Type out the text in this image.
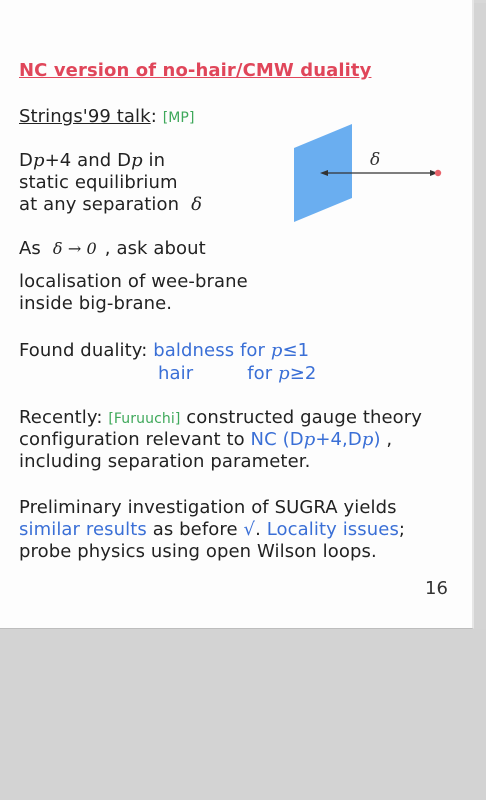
NC version of no-hair/CMW duality
Strings'99 talk: [MP]
Dp+4 and Dp in
static equilibrium
at any separation δ
As δ → 0 , ask about
localisation of wee-brane
inside big-brane.
Found duality: baldness for p≤1
hair	for p≥2
Recently: [Furuuchi] constructed gauge theory
configuration relevant to NC (Dp+4,Dp) ,
including separation parameter.
Preliminary investigation of SUGRA yields
similar results as before √. Locality issues;
probe physics using open Wilson loops.
δ
16
